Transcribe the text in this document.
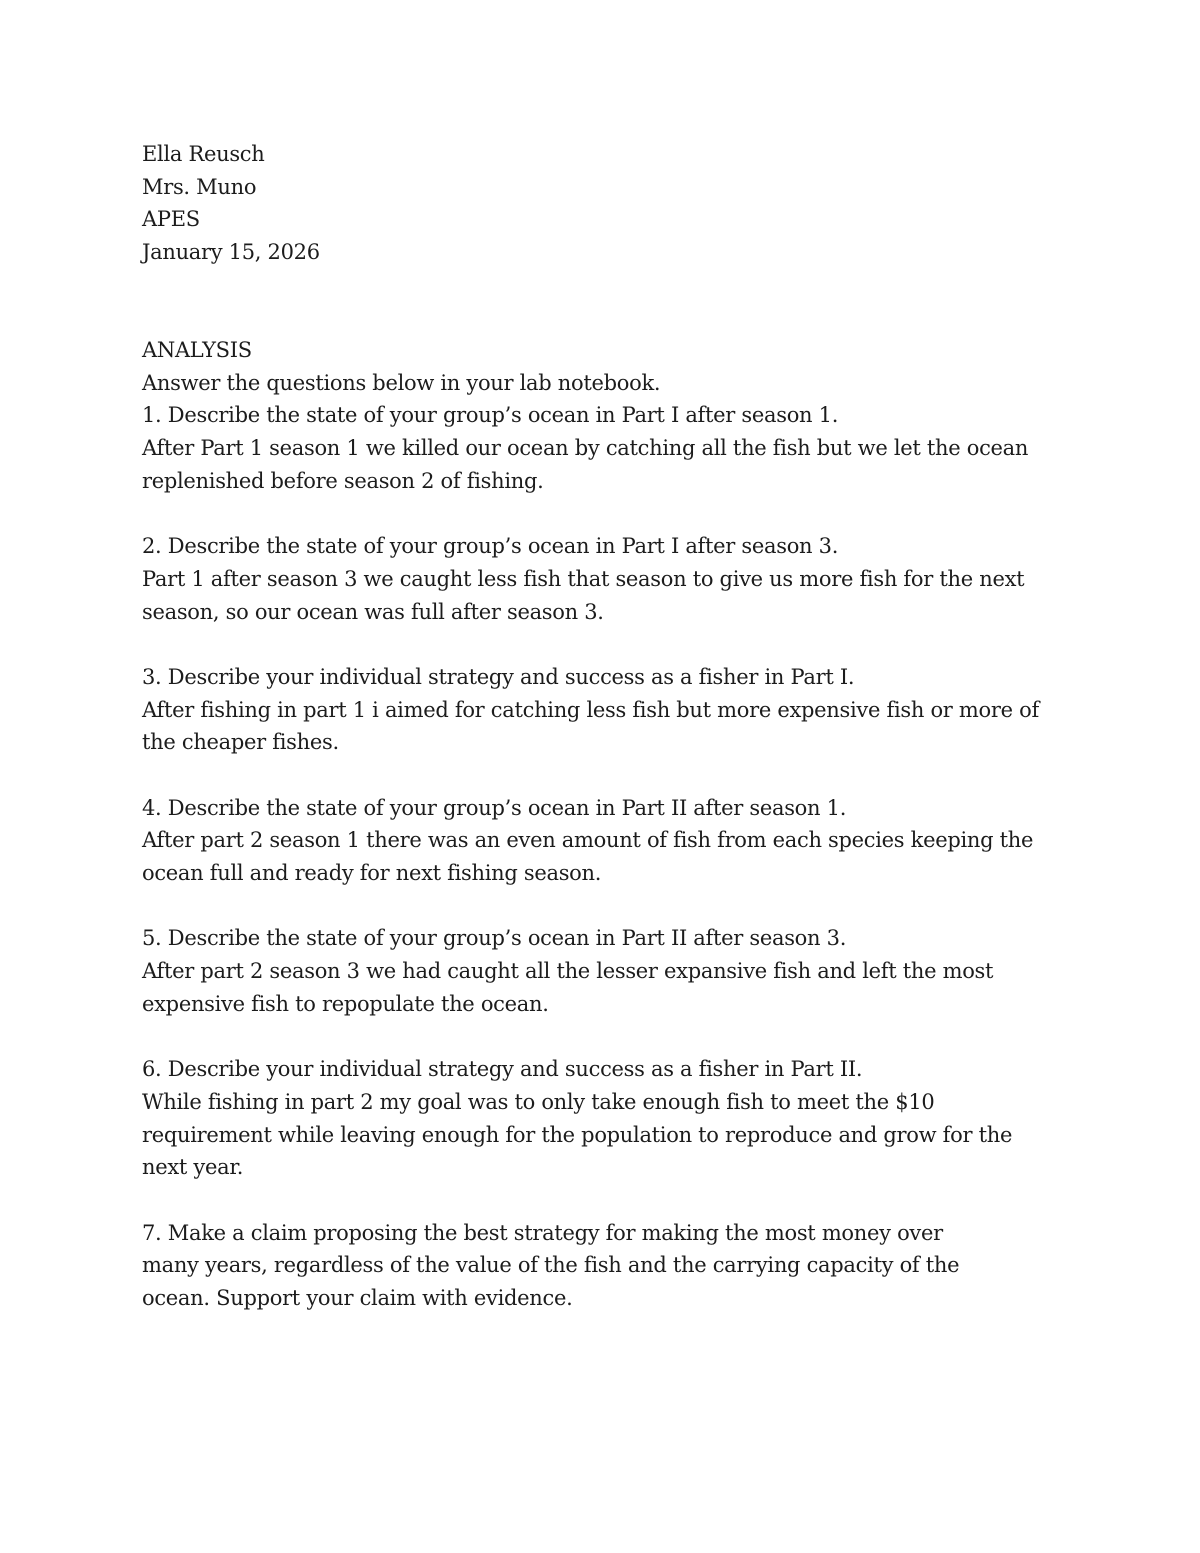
Ella Reusch
Mrs. Muno
APES
January 15, 2026
ANALYSIS
Answer the questions below in your lab notebook.
1. Describe the state of your group’s ocean in Part I after season 1.
After Part 1 season 1 we killed our ocean by catching all the fish but we let the ocean
replenished before season 2 of fishing.
2. Describe the state of your group’s ocean in Part I after season 3.
Part 1 after season 3 we caught less fish that season to give us more fish for the next
season, so our ocean was full after season 3.
3. Describe your individual strategy and success as a fisher in Part I.
After fishing in part 1 i aimed for catching less fish but more expensive fish or more of
the cheaper fishes.
4. Describe the state of your group’s ocean in Part II after season 1.
After part 2 season 1 there was an even amount of fish from each species keeping the
ocean full and ready for next fishing season.
5. Describe the state of your group’s ocean in Part II after season 3.
After part 2 season 3 we had caught all the lesser expansive fish and left the most
expensive fish to repopulate the ocean.
6. Describe your individual strategy and success as a fisher in Part II.
While fishing in part 2 my goal was to only take enough fish to meet the $10
requirement while leaving enough for the population to reproduce and grow for the
next year.
7. Make a claim proposing the best strategy for making the most money over
many years, regardless of the value of the fish and the carrying capacity of the
ocean. Support your claim with evidence.
